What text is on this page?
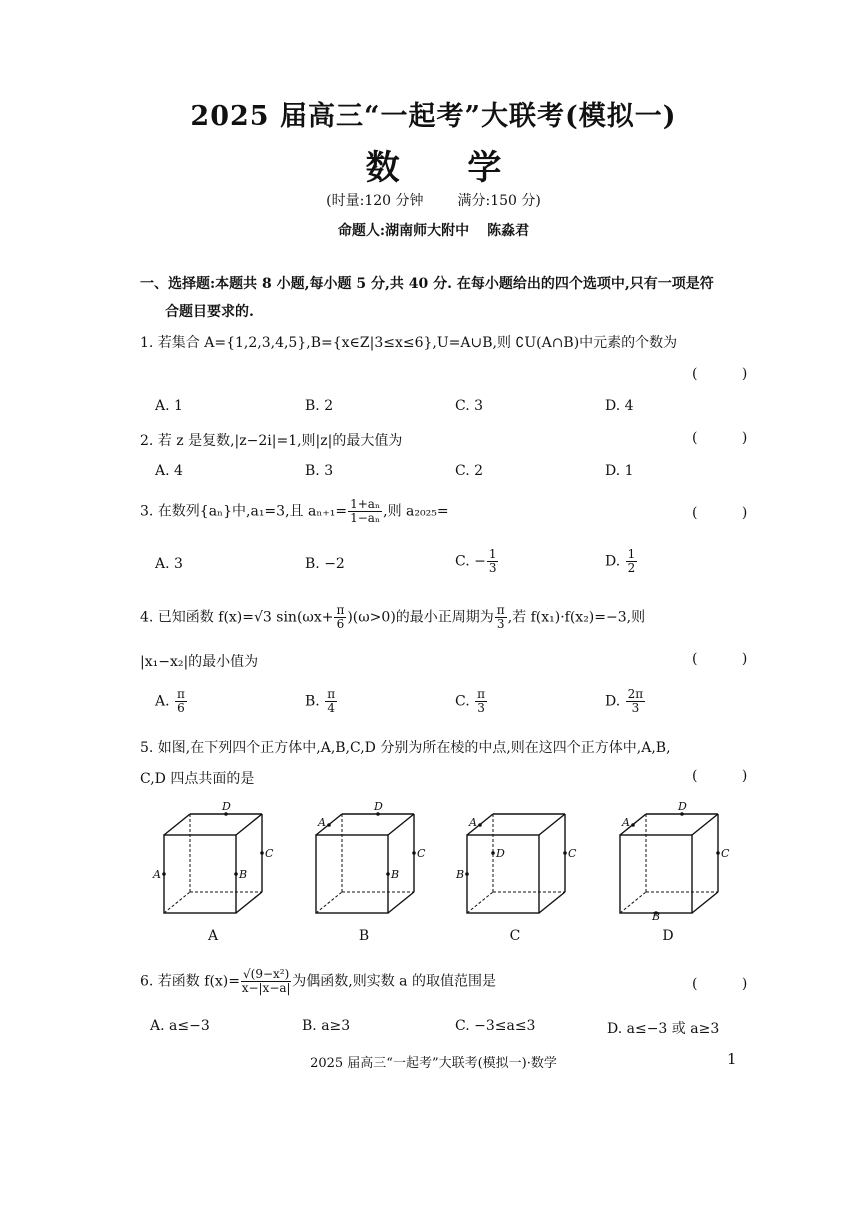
2025 届高三“一起考”大联考(模拟一)
数 学
(时量:120 分钟 满分:150 分)
命题人:湖南师大附中 陈淼君
一、选择题:本题共 8 小题,每小题 5 分,共 40 分. 在每小题给出的四个选项中,只有一项是符
合题目要求的.
1. 若集合 A={1,2,3,4,5},B={x∈Z|3≤x≤6},U=A∪B,则 ∁U(A∩B)中元素的个数为
( )
A. 1	B. 2	C. 3	D. 4
2. 若 z 是复数,|z−2i|=1,则|z|的最大值为	( )
A. 4	B. 3	C. 2	D. 1
3. 在数列{aₙ}中,a₁=3,且 $a_{n+1}= \frac{\text{1+aₙ}}{\text{1−aₙ}}$ ,则 a₂₀₂₅=	( )
A. 3	B. −2	C. − $\frac{1}{3}$	D. $\frac{1}{2}$
4. 已知函数 f(x)=√3 $\sin(\omega x+ \frac{\pi}{6} )(\omega>0)$的最小正周期为 $\frac{\pi}{3}$ ,若 f(x₁)·f(x₂)=−3,则
|x₁−x₂|的最小值为	( )
A. $\frac{\pi}{6}$	B. $\frac{\pi}{4}$	C. $\frac{\pi}{3}$	D. $\frac{2\pi}{3}$
5. 如图,在下列四个正方体中,A,B,C,D 分别为所在棱的中点,则在这四个正方体中,A,B,
C,D 四点共面的是	( )
D
A	B
C
A
D
A
B
C
B
A
D
B
C
C
D
A
B
C
D
6. 若函数 $f(x)= \frac{\text{√(9−x²)}}{x-|x-a|}$ 为偶函数,则实数 a 的取值范围是	( )
A. a≤−3	B. a≥3	C. −3≤a≤3	D. a≤−3 或 a≥3
2025 届高三“一起考”大联考(模拟一)·数学	1
